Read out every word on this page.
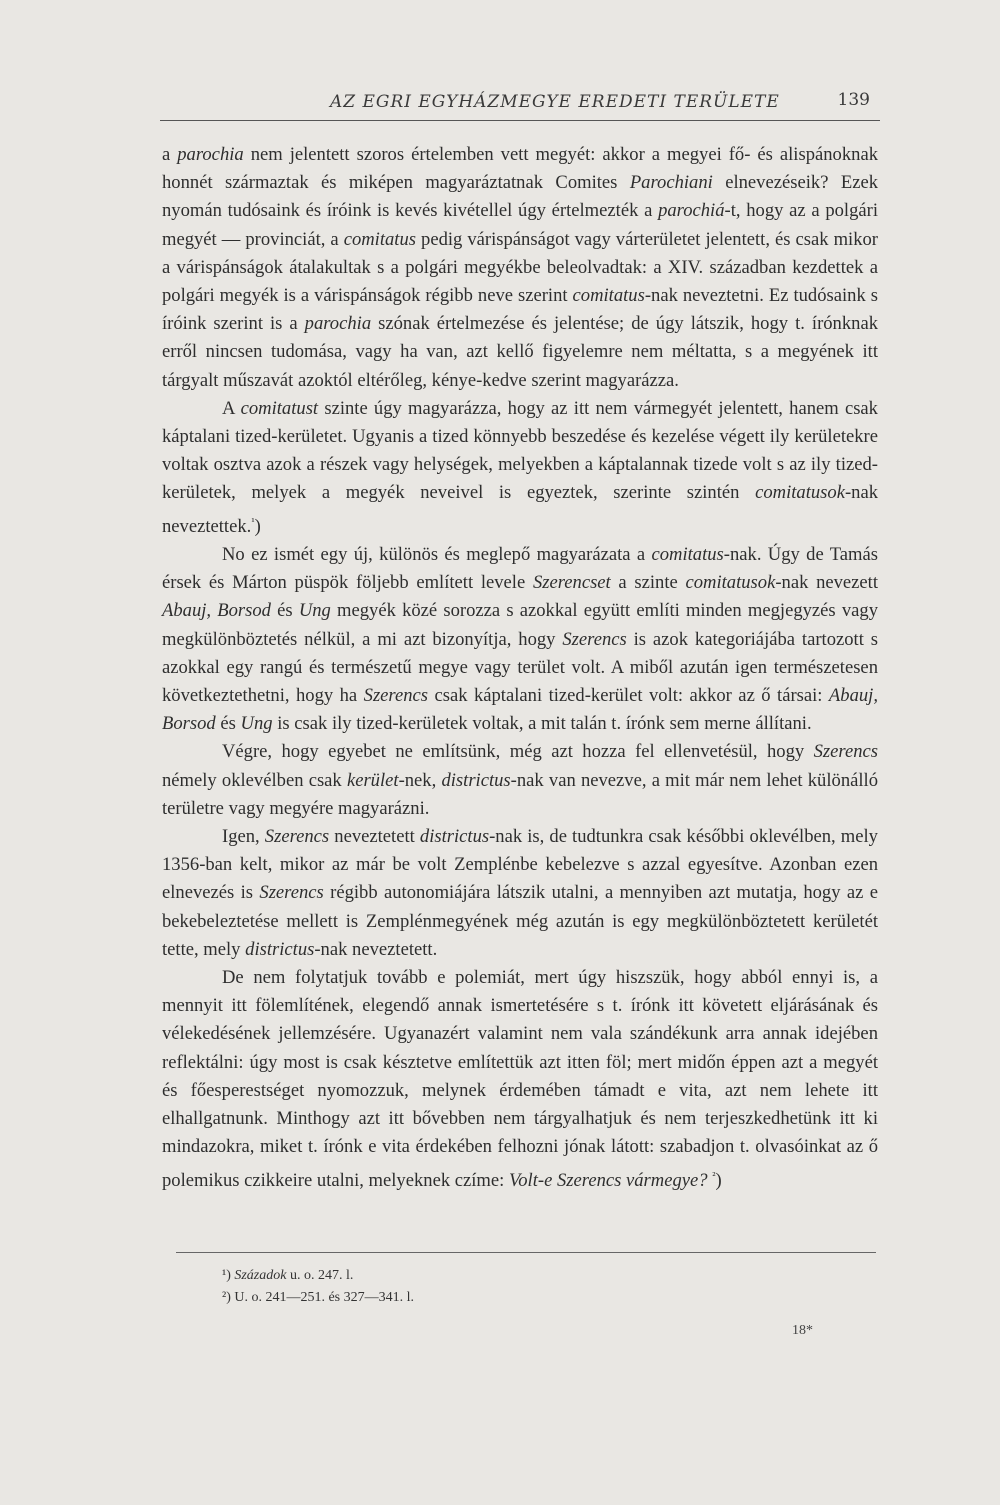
AZ EGRI EGYHÁZMEGYE EREDETI TERÜLETE	139

a parochia nem jelentett szoros értelemben vett megyét: akkor a megyei fő- és alispánoknak honnét származtak és miképen magyaráztatnak Comites Parochiani elnevezéseik? Ezek nyomán tudósaink és íróink is kevés kivétellel úgy értelmezték a parochiá-t, hogy az a polgári megyét — provinciát, a comitatus pedig várispánságot vagy várterületet jelentett, és csak mikor a várispánságok átalakultak s a polgári megyékbe beleolvadtak: a XIV. században kezdettek a polgári megyék is a várispánságok régibb neve szerint comitatus-nak neveztetni. Ez tudósaink s íróink szerint is a parochia szónak értelmezése és jelentése; de úgy látszik, hogy t. írónknak erről nincsen tudomása, vagy ha van, azt kellő figyelemre nem méltatta, s a megyének itt tárgyalt műszavát azoktól eltérőleg, kénye-kedve szerint magyarázza.

A comitatust szinte úgy magyarázza, hogy az itt nem vármegyét jelentett, hanem csak káptalani tized-kerületet. Ugyanis a tized könnyebb beszedése és kezelése végett ily kerületekre voltak osztva azok a részek vagy helységek, melyekben a káptalannak tizede volt s az ily tized-kerületek, melyek a megyék neveivel is egyeztek, szerinte szintén comitatusok-nak neveztettek.$^{^1}$)

No ez ismét egy új, különös és meglepő magyarázata a comitatus-nak. Úgy de Tamás érsek és Márton püspök följebb említett levele Szerencset a szinte comitatusok-nak nevezett Abauj, Borsod és Ung megyék közé sorozza s azokkal együtt említi minden megjegyzés vagy megkülönböztetés nélkül, a mi azt bizonyítja, hogy Szerencs is azok kategoriájába tartozott s azokkal egy rangú és természetű megye vagy terület volt. A miből azután igen természetesen következtethetni, hogy ha Szerencs csak káptalani tized-kerület volt: akkor az ő társai: Abauj, Borsod és Ung is csak ily tized-kerületek voltak, a mit talán t. írónk sem merne állítani.

Végre, hogy egyebet ne említsünk, még azt hozza fel ellenvetésül, hogy Szerencs némely oklevélben csak kerület-nek, districtus-nak van nevezve, a mit már nem lehet különálló területre vagy megyére magyarázni.

Igen, Szerencs neveztetett districtus-nak is, de tudtunkra csak későbbi oklevélben, mely 1356-ban kelt, mikor az már be volt Zemplénbe kebelezve s azzal egyesítve. Azonban ezen elnevezés is Szerencs régibb autonomiájára látszik utalni, a mennyiben azt mutatja, hogy az e bekebeleztetése mellett is Zemplénmegyének még azután is egy megkülönböztetett kerületét tette, mely districtus-nak neveztetett.

De nem folytatjuk tovább e polemiát, mert úgy hiszszük, hogy abból ennyi is, a mennyit itt fölemlítének, elegendő annak ismertetésére s t. írónk itt követett eljárásának és vélekedésének jellemzésére. Ugyanazért valamint nem vala szándékunk arra annak idejében reflektálni: úgy most is csak késztetve említettük azt itten föl; mert midőn éppen azt a megyét és főesperestséget nyomozzuk, melynek érdemében támadt e vita, azt nem lehete itt elhallgatnunk. Minthogy azt itt bővebben nem tárgyalhatjuk és nem terjeszkedhetünk itt ki mindazokra, miket t. írónk e vita érdekében felhozni jónak látott: szabadjon t. olvasóinkat az ő polemikus czikkeire utalni, melyeknek czíme: Volt-e Szerencs vármegye? $^{^2}$)

¹) Századok u. o. 247. l.
²) U. o. 241—251. és 327—341. l.
18*
